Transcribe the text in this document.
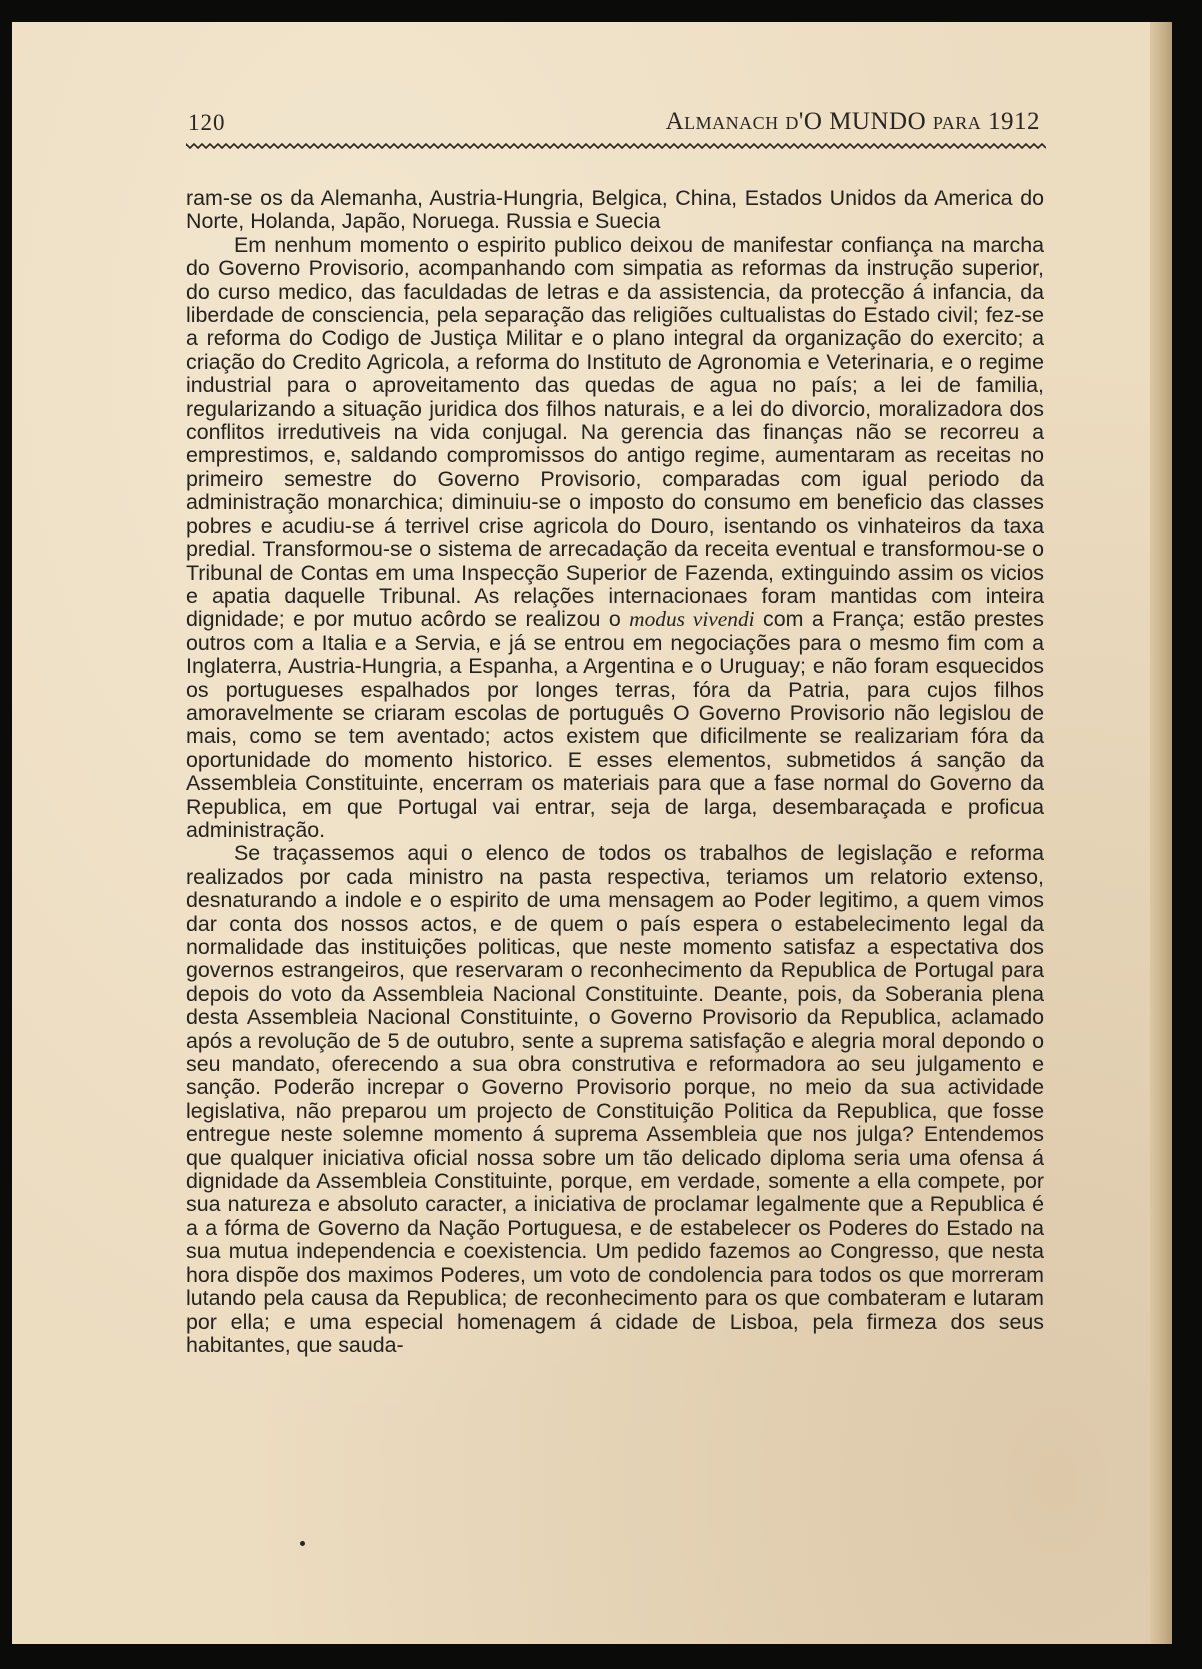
120	Almanach d'O MUNDO para 1912

ram-se os da Alemanha, Austria-Hungria, Belgica, China, Estados Unidos da America do Norte, Holanda, Japão, Noruega. Russia e Suecia

Em nenhum momento o espirito publico deixou de manifestar confiança na marcha do Governo Provisorio, acompanhando com simpatia as reformas da instrução superior, do curso medico, das faculdadas de letras e da assistencia, da protecção á infancia, da liberdade de consciencia, pela separação das religiões cultualistas do Estado civil; fez-se a reforma do Codigo de Justiça Militar e o plano integral da organização do exercito; a criação do Credito Agricola, a reforma do Instituto de Agronomia e Veterinaria, e o regime industrial para o aproveitamento das quedas de agua no país; a lei de familia, regularizando a situação juridica dos filhos naturais, e a lei do divorcio, moralizadora dos conflitos irredutiveis na vida conjugal. Na gerencia das finanças não se recorreu a emprestimos, e, saldando compromissos do antigo regime, aumentaram as receitas no primeiro semestre do Governo Provisorio, comparadas com igual periodo da administração monarchica; diminuiu-se o imposto do consumo em beneficio das classes pobres e acudiu-se á terrivel crise agricola do Douro, isentando os vinhateiros da taxa predial. Transformou-se o sistema de arrecadação da receita eventual e transformou-se o Tribunal de Contas em uma Inspecção Superior de Fazenda, extinguindo assim os vicios e apatia daquelle Tribunal. As relações internacionaes foram mantidas com inteira dignidade; e por mutuo acôrdo se realizou o modus vivendi com a França; estão prestes outros com a Italia e a Servia, e já se entrou em negociações para o mesmo fim com a Inglaterra, Austria-Hungria, a Espanha, a Argentina e o Uruguay; e não foram esquecidos os portugueses espalhados por longes terras, fóra da Patria, para cujos filhos amoravelmente se criaram escolas de português O Governo Provisorio não legislou de mais, como se tem aventado; actos existem que dificilmente se realizariam fóra da oportunidade do momento historico. E esses elementos, submetidos á sanção da Assembleia Constituinte, encerram os materiais para que a fase normal do Governo da Republica, em que Portugal vai entrar, seja de larga, desembaraçada e proficua administração.

Se traçassemos aqui o elenco de todos os trabalhos de legislação e reforma realizados por cada ministro na pasta respectiva, teriamos um relatorio extenso, desnaturando a indole e o espirito de uma mensagem ao Poder legitimo, a quem vimos dar conta dos nossos actos, e de quem o país espera o estabelecimento legal da normalidade das instituições politicas, que neste momento satisfaz a espectativa dos governos estrangeiros, que reservaram o reconhecimento da Republica de Portugal para depois do voto da Assembleia Nacional Constituinte. Deante, pois, da Soberania plena desta Assembleia Nacional Constituinte, o Governo Provisorio da Republica, aclamado após a revolução de 5 de outubro, sente a suprema satisfação e alegria moral depondo o seu mandato, oferecendo a sua obra construtiva e reformadora ao seu julgamento e sanção. Poderão increpar o Governo Provisorio porque, no meio da sua actividade legislativa, não preparou um projecto de Constituição Politica da Republica, que fosse entregue neste solemne momento á suprema Assembleia que nos julga? Entendemos que qualquer iniciativa oficial nossa sobre um tão delicado diploma seria uma ofensa á dignidade da Assembleia Constituinte, porque, em verdade, somente a ella compete, por sua natureza e absoluto caracter, a iniciativa de proclamar legalmente que a Republica é a a fórma de Governo da Nação Portuguesa, e de estabelecer os Poderes do Estado na sua mutua independencia e coexistencia. Um pedido fazemos ao Congresso, que nesta hora dispõe dos maximos Poderes, um voto de condolencia para todos os que morreram lutando pela causa da Republica; de reconhecimento para os que combateram e lutaram por ella; e uma especial homenagem á cidade de Lisboa, pela firmeza dos seus habitantes, que sauda-
